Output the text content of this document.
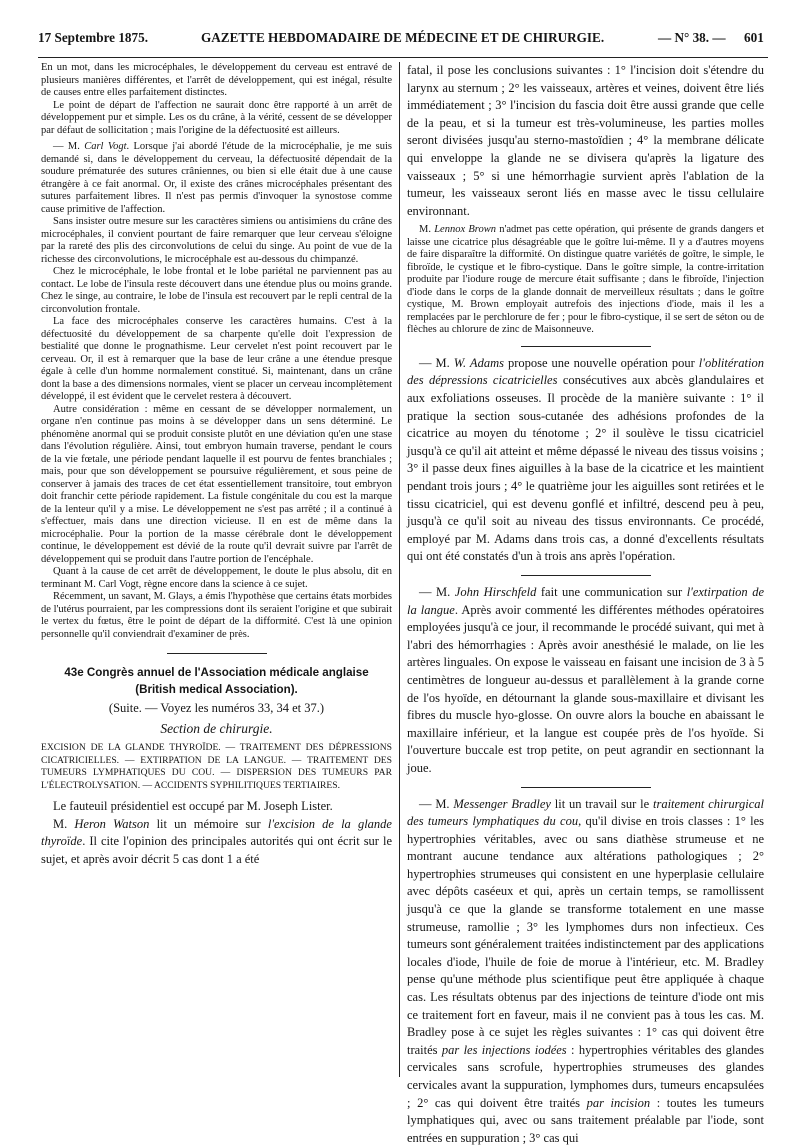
17 Septembre 1875.	GAZETTE HEBDOMADAIRE DE MÉDECINE ET DE CHIRURGIE.	— N° 38. — 601

En un mot, dans les microcéphales, le développement du cerveau est entravé de plusieurs manières différentes, et l'arrêt de développement, qui est inégal, résulte de causes entre elles parfaitement distinctes.

Le point de départ de l'affection ne saurait donc être rapporté à un arrêt de développement pur et simple. Les os du crâne, à la vérité, cessent de se développer par défaut de sollicitation ; mais l'origine de la défectuosité est ailleurs.

— M. Carl Vogt. Lorsque j'ai abordé l'étude de la microcéphalie, je me suis demandé si, dans le développement du cerveau, la défectuosité dépendait de la soudure prématurée des sutures crâniennes, ou bien si elle était due à une cause étrangère à ce fait anormal. Or, il existe des crânes microcéphales présentant des sutures parfaitement libres. Il n'est pas permis d'invoquer la synostose comme cause primitive de l'affection.

Sans insister outre mesure sur les caractères simiens ou antisimiens du crâne des microcéphales, il convient pourtant de faire remarquer que leur cerveau s'éloigne par la rareté des plis des circonvolutions de celui du singe. Au point de vue de la richesse des circonvolutions, le microcéphale est au-dessous du chimpanzé.

Chez le microcéphale, le lobe frontal et le lobe pariétal ne parviennent pas au contact. Le lobe de l'insula reste découvert dans une étendue plus ou moins grande. Chez le singe, au contraire, le lobe de l'insula est recouvert par le repli central de la circonvolution frontale.

La face des microcéphales conserve les caractères humains. C'est à la défectuosité du développement de sa charpente qu'elle doit l'expression de bestialité que donne le prognathisme. Leur cervelet n'est point recouvert par le cerveau. Or, il est à remarquer que la base de leur crâne a une étendue presque égale à celle d'un homme normalement constitué. Si, maintenant, dans un crâne dont la base a des dimensions normales, vient se placer un cerveau incomplètement développé, il est évident que le cervelet restera à découvert.

Autre considération : même en cessant de se développer normalement, un organe n'en continue pas moins à se développer dans un sens déterminé. Le phénomène anormal qui se produit consiste plutôt en une déviation qu'en une stase dans l'évolution régulière. Ainsi, tout embryon humain traverse, pendant le cours de la vie fœtale, une période pendant laquelle il est pourvu de fentes branchiales ; mais, pour que son développement se poursuive régulièrement, et sous peine de conserver à jamais des traces de cet état essentiellement transitoire, tout embryon doit franchir cette période rapidement. La fistule congénitale du cou est la marque de la lenteur qu'il y a mise. Le développement ne s'est pas arrêté ; il a continué à s'effectuer, mais dans une direction vicieuse. Il en est de même dans la microcéphalie. Pour la portion de la masse cérébrale dont le développement continue, le développement est dévié de la route qu'il devrait suivre par l'arrêt de développement qui se produit dans l'autre portion de l'encéphale.

Quant à la cause de cet arrêt de développement, le doute le plus absolu, dit en terminant M. Carl Vogt, règne encore dans la science à ce sujet.

Récemment, un savant, M. Glays, a émis l'hypothèse que certains états morbides de l'utérus pourraient, par les compressions dont ils seraient l'origine et que subirait le vertex du fœtus, être le point de départ de la difformité. C'est là une opinion personnelle qu'il conviendrait d'examiner de près.

43e Congrès annuel de l'Association médicale anglaise

(British medical Association).

(Suite. — Voyez les numéros 33, 34 et 37.)

Section de chirurgie.

EXCISION DE LA GLANDE THYROÏDE. — TRAITEMENT DES DÉPRESSIONS CICATRICIELLES. — EXTIRPATION DE LA LANGUE. — TRAITEMENT DES TUMEURS LYMPHATIQUES DU COU. — DISPERSION DES TUMEURS PAR L'ÉLECTROLYSATION. — ACCIDENTS SYPHILITIQUES TERTIAIRES.

Le fauteuil présidentiel est occupé par M. Joseph Lister.

M. Heron Watson lit un mémoire sur l'excision de la glande thyroïde. Il cite l'opinion des principales autorités qui ont écrit sur le sujet, et après avoir décrit 5 cas dont 1 a été

fatal, il pose les conclusions suivantes : 1° l'incision doit s'étendre du larynx au sternum ; 2° les vaisseaux, artères et veines, doivent être liés immédiatement ; 3° l'incision du fascia doit être aussi grande que celle de la peau, et si la tumeur est très-volumineuse, les parties molles seront divisées jusqu'au sterno-mastoïdien ; 4° la membrane délicate qui enveloppe la glande ne se divisera qu'après la ligature des vaisseaux ; 5° si une hémorrhagie survient après l'ablation de la tumeur, les vaisseaux seront liés en masse avec le tissu cellulaire environnant.

M. Lennox Brown n'admet pas cette opération, qui présente de grands dangers et laisse une cicatrice plus désagréable que le goître lui-même. Il y a d'autres moyens de faire disparaître la difformité. On distingue quatre variétés de goître, le simple, le fibroïde, le cystique et le fibro-cystique. Dans le goître simple, la contre-irritation produite par l'iodure rouge de mercure était suffisante ; dans le fibroïde, l'injection d'iode dans le corps de la glande donnait de merveilleux résultats ; dans le goître cystique, M. Brown employait autrefois des injections d'iode, mais il les a remplacées par le perchlorure de fer ; pour le fibro-cystique, il se sert de séton ou de flèches au chlorure de zinc de Maisonneuve.

— M. W. Adams propose une nouvelle opération pour l'oblitération des dépressions cicatricielles consécutives aux abcès glandulaires et aux exfoliations osseuses. Il procède de la manière suivante : 1° il pratique la section sous-cutanée des adhésions profondes de la cicatrice au moyen du ténotome ; 2° il soulève le tissu cicatriciel jusqu'à ce qu'il ait atteint et même dépassé le niveau des tissus voisins ; 3° il passe deux fines aiguilles à la base de la cicatrice et les maintient pendant trois jours ; 4° le quatrième jour les aiguilles sont retirées et le tissu cicatriciel, qui est devenu gonflé et infiltré, descend peu à peu, jusqu'à ce qu'il soit au niveau des tissus environnants. Ce procédé, employé par M. Adams dans trois cas, a donné d'excellents résultats qui ont été constatés d'un à trois ans après l'opération.

— M. John Hirschfeld fait une communication sur l'extirpation de la langue. Après avoir commenté les différentes méthodes opératoires employées jusqu'à ce jour, il recommande le procédé suivant, qui met à l'abri des hémorrhagies : Après avoir anesthésié le malade, on lie les artères linguales. On expose le vaisseau en faisant une incision de 3 à 5 centimètres de longueur au-dessus et parallèlement à la grande corne de l'os hyoïde, en détournant la glande sous-maxillaire et divisant les fibres du muscle hyo-glosse. On ouvre alors la bouche en abaissant le maxillaire inférieur, et la langue est coupée près de l'os hyoïde. Si l'ouverture buccale est trop petite, on peut agrandir en sectionnant la joue.

— M. Messenger Bradley lit un travail sur le traitement chirurgical des tumeurs lymphatiques du cou, qu'il divise en trois classes : 1° les hypertrophies véritables, avec ou sans diathèse strumeuse et ne montrant aucune tendance aux altérations pathologiques ; 2° hypertrophies strumeuses qui consistent en une hyperplasie cellulaire avec dépôts caséeux et qui, après un certain temps, se ramollissent jusqu'à ce que la glande se transforme totalement en une masse strumeuse, ramollie ; 3° les lymphomes durs non infectieux. Ces tumeurs sont généralement traitées indistinctement par des applications locales d'iode, l'huile de foie de morue à l'intérieur, etc. M. Bradley pense qu'une méthode plus scientifique peut être appliquée à chaque cas. Les résultats obtenus par des injections de teinture d'iode ont mis ce traitement fort en faveur, mais il ne convient pas à tous les cas. M. Bradley pose à ce sujet les règles suivantes : 1° cas qui doivent être traités par les injections iodées : hypertrophies véritables des glandes cervicales sans scrofule, hypertrophies strumeuses des glandes cervicales avant la suppuration, lymphomes durs, tumeurs encapsulées ; 2° cas qui doivent être traités par incision : toutes les tumeurs lymphatiques qui, avec ou sans traitement préalable par l'iode, sont entrées en suppuration ; 3° cas qui
